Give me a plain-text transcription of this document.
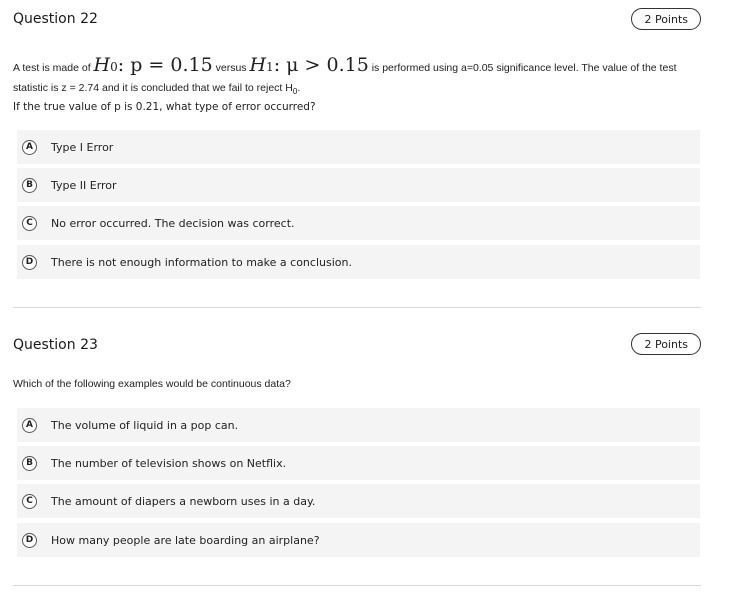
Question 22	2 Points
A test is made of H0: p = 0.15 versus H1: μ > 0.15 is performed using a=0.05 significance level. The value of the test
statistic is z = 2.74 and it is concluded that we fail to reject $H_0$.
If the true value of p is 0.21, what type of error occurred?
A	Type I Error
B	Type II Error
C	No error occurred. The decision was correct.
D	There is not enough information to make a conclusion.
Question 23	2 Points
Which of the following examples would be continuous data?
A	The volume of liquid in a pop can.
B	The number of television shows on Netflix.
C	The amount of diapers a newborn uses in a day.
D	How many people are late boarding an airplane?
